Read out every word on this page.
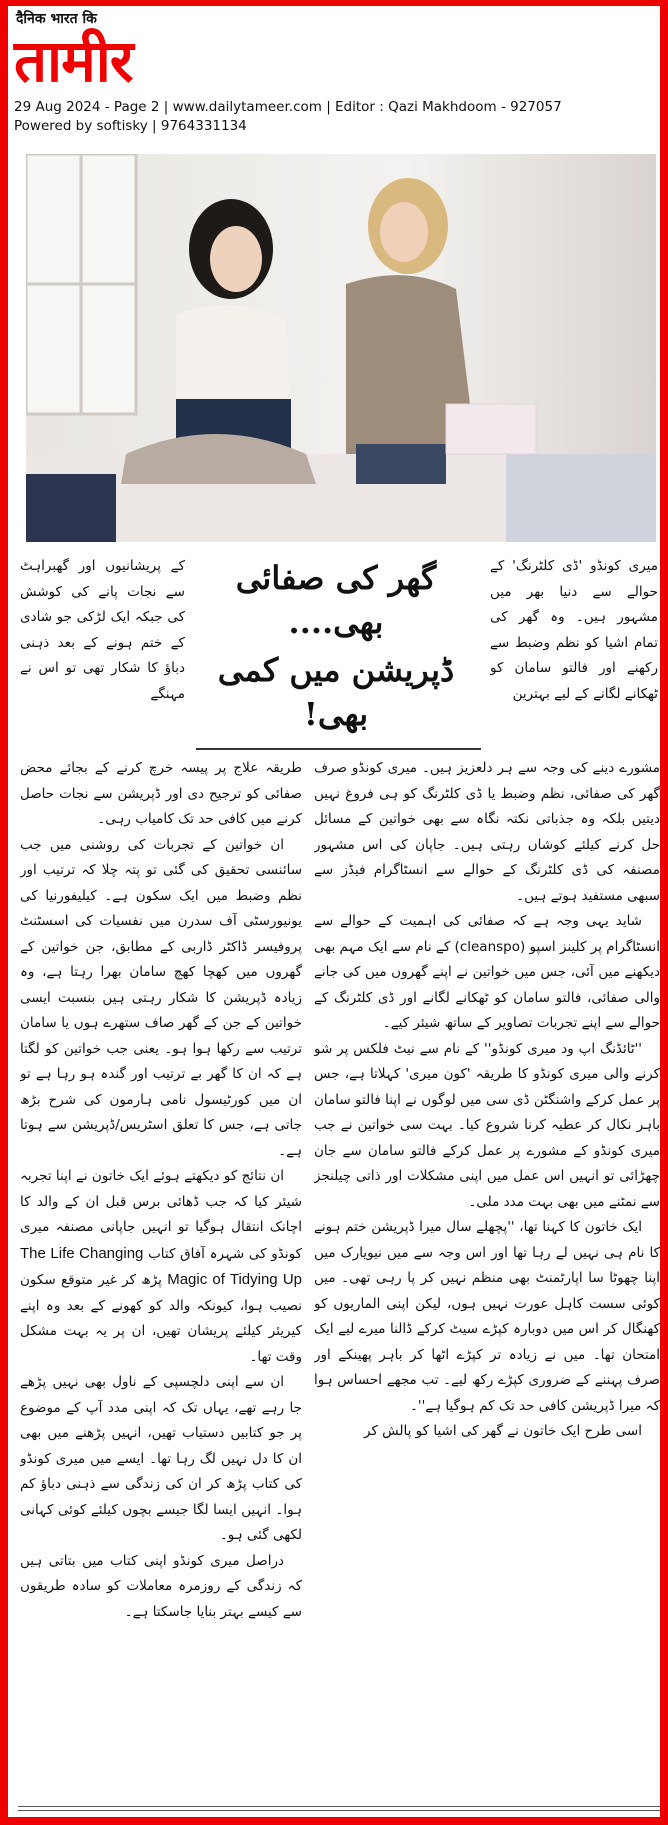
दैनिक भारत कि
तामीर
29 Aug 2024 - Page 2 | www.dailytameer.com | Editor : Qazi Makhdoom - 927057
Powered by softisky | 9764331134

میری کونڈو 'ڈی کلٹرنگ' کے حوالے سے دنیا بھر میں مشہور ہیں۔ وہ گھر کی تمام اشیا کو نظم وضبط سے رکھنے اور فالتو سامان کو ٹھکانے لگانے کے لیے بہترین

گھر کی صفائی بھی....
ڈپریشن میں کمی بھی!

کے پریشانیوں اور گھبراہٹ سے نجات پانے کی کوشش کی جبکہ ایک لڑکی جو شادی کے ختم ہونے کے بعد ذہنی دباؤ کا شکار تھی تو اس نے مہنگے

مشورے دینے کی وجہ سے ہر دلعزیز ہیں۔ میری کونڈو صرف گھر کی صفائی، نظم وضبط یا ڈی کلٹرنگ کو ہی فروغ نہیں دیتیں بلکہ وہ جذباتی نکتہ نگاہ سے بھی خواتین کے مسائل حل کرنے کیلئے کوشاں رہتی ہیں۔ جاپان کی اس مشہور مصنفہ کی ڈی کلٹرنگ کے حوالے سے انسٹاگرام فیڈز سے سبھی مستفید ہوتے ہیں۔

شاید یہی وجہ ہے کہ صفائی کی اہمیت کے حوالے سے انسٹاگرام پر کلینز اسپو (cleanspo) کے نام سے ایک مہم بھی دیکھنے میں آئی، جس میں خواتین نے اپنے گھروں میں کی جانے والی صفائی، فالتو سامان کو ٹھکانے لگانے اور ڈی کلٹرنگ کے حوالے سے اپنے تجربات تصاویر کے ساتھ شیئر کیے۔

''ٹائڈنگ اپ ود میری کونڈو'' کے نام سے نیٹ فلکس پر شو کرنے والی میری کونڈو کا طریقہ 'کون میری' کہلاتا ہے، جس پر عمل کرکے واشنگٹن ڈی سی میں لوگوں نے اپنا فالتو سامان باہر نکال کر عطیہ کرنا شروع کیا۔ بہت سی خواتین نے جب میری کونڈو کے مشورے پر عمل کرکے فالتو سامان سے جان چھڑائی تو انہیں اس عمل میں اپنی مشکلات اور ذاتی چیلنجز سے نمٹنے میں بھی بہت مدد ملی۔

ایک خاتون کا کہنا تھا، ''پچھلے سال میرا ڈپریشن ختم ہونے کا نام ہی نہیں لے رہا تھا اور اس وجہ سے میں نیویارک میں اپنا چھوٹا سا اپارٹمنٹ بھی منظم نہیں کر پا رہی تھی۔ میں کوئی سست کاہل عورت نہیں ہوں، لیکن اپنی الماریوں کو کھنگال کر اس میں دوبارہ کپڑے سیٹ کرکے ڈالنا میرے لیے ایک امتحان تھا۔ میں نے زیادہ تر کپڑے اٹھا کر باہر پھینکے اور صرف پہننے کے ضروری کپڑے رکھ لیے۔ تب مجھے احساس ہوا کہ میرا ڈپریشن کافی حد تک کم ہوگیا ہے''۔

اسی طرح ایک خاتون نے گھر کی اشیا کو پالش کر

طریقہ علاج پر پیسہ خرچ کرنے کے بجائے محض صفائی کو ترجیح دی اور ڈپریشن سے نجات حاصل کرنے میں کافی حد تک کامیاب رہی۔

ان خواتین کے تجربات کی روشنی میں جب سائنسی تحقیق کی گئی تو پتہ چلا کہ ترتیب اور نظم وضبط میں ایک سکون ہے۔ کیلیفورنیا کی یونیورسٹی آف سدرن میں نفسیات کی اسسٹنٹ پروفیسر ڈاکٹر ڈاربی کے مطابق، جن خواتین کے گھروں میں کھچا کھچ سامان بھرا رہتا ہے، وہ زیادہ ڈپریشن کا شکار رہتی ہیں بنسبت ایسی خواتین کے جن کے گھر صاف ستھرے ہوں یا سامان ترتیب سے رکھا ہوا ہو۔ یعنی جب خواتین کو لگتا ہے کہ ان کا گھر بے ترتیب اور گندہ ہو رہا ہے تو ان میں کورٹیسول نامی ہارمون کی شرح بڑھ جاتی ہے، جس کا تعلق اسٹریس/ڈپریشن سے ہوتا ہے۔

ان نتائج کو دیکھتے ہوئے ایک خاتون نے اپنا تجربہ شیئر کیا کہ جب ڈھائی برس قبل ان کے والد کا اچانک انتقال ہوگیا تو انہیں جاپانی مصنفہ میری کونڈو کی شہرہ آفاق کتاب The Life Changing Magic of Tidying Up پڑھ کر غیر متوقع سکون نصیب ہوا، کیونکہ والد کو کھونے کے بعد وہ اپنے کیریئر کیلئے پریشان تھیں، ان پر یہ بہت مشکل وقت تھا۔

ان سے اپنی دلچسپی کے ناول بھی نہیں پڑھے جا رہے تھے، یہاں تک کہ اپنی مدد آپ کے موضوع پر جو کتابیں دستیاب تھیں، انہیں پڑھنے میں بھی ان کا دل نہیں لگ رہا تھا۔ ایسے میں میری کونڈو کی کتاب پڑھ کر ان کی زندگی سے ذہنی دباؤ کم ہوا۔ انہیں ایسا لگا جیسے بچوں کیلئے کوئی کہانی لکھی گئی ہو۔

دراصل میری کونڈو اپنی کتاب میں بتاتی ہیں کہ زندگی کے روزمرہ معاملات کو سادہ طریقوں سے کیسے بہتر بنایا جاسکتا ہے۔
